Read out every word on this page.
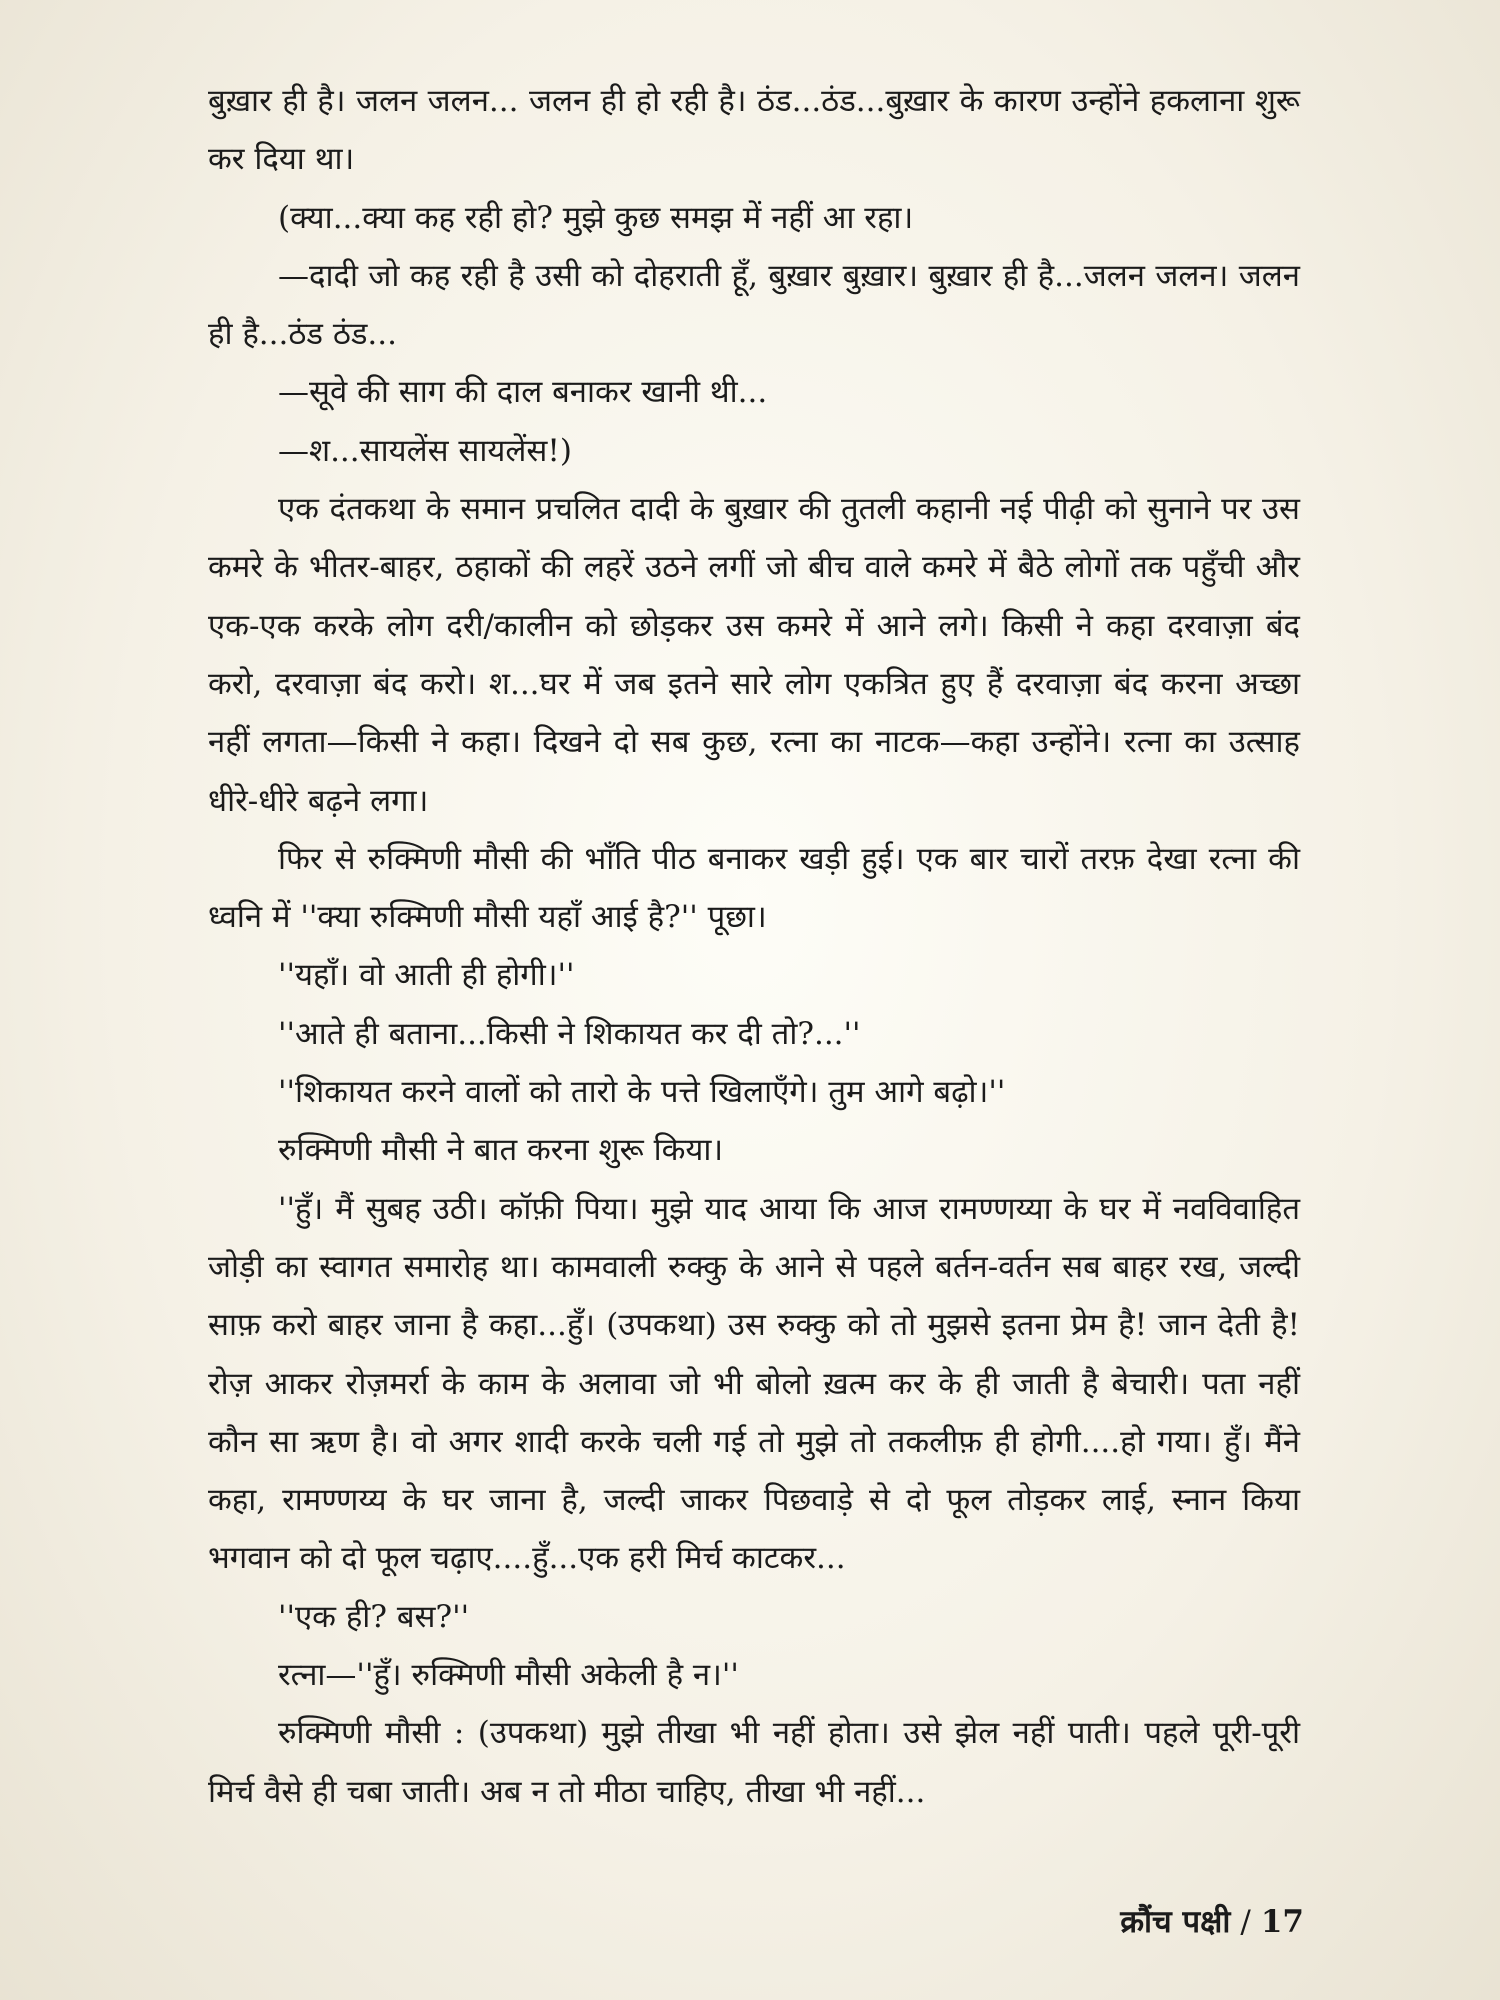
बुख़ार ही है। जलन जलन... जलन ही हो रही है। ठंड...ठंड...बुख़ार के कारण उन्होंने हकलाना शुरू कर दिया था।

(क्या...क्या कह रही हो? मुझे कुछ समझ में नहीं आ रहा।

—दादी जो कह रही है उसी को दोहराती हूँ, बुख़ार बुख़ार। बुख़ार ही है...जलन जलन। जलन ही है...ठंड ठंड...

—सूवे की साग की दाल बनाकर खानी थी...

—श...सायलेंस सायलेंस!)

एक दंतकथा के समान प्रचलित दादी के बुख़ार की तुतली कहानी नई पीढ़ी को सुनाने पर उस कमरे के भीतर-बाहर, ठहाकों की लहरें उठने लगीं जो बीच वाले कमरे में बैठे लोगों तक पहुँची और एक-एक करके लोग दरी/कालीन को छोड़कर उस कमरे में आने लगे। किसी ने कहा दरवाज़ा बंद करो, दरवाज़ा बंद करो। श...घर में जब इतने सारे लोग एकत्रित हुए हैं दरवाज़ा बंद करना अच्छा नहीं लगता—किसी ने कहा। दिखने दो सब कुछ, रत्ना का नाटक—कहा उन्होंने। रत्ना का उत्साह धीरे-धीरे बढ़ने लगा।

फिर से रुक्मिणी मौसी की भाँति पीठ बनाकर खड़ी हुई। एक बार चारों तरफ़ देखा रत्ना की ध्वनि में ''क्या रुक्मिणी मौसी यहाँ आई है?'' पूछा।

''यहाँ। वो आती ही होगी।''

''आते ही बताना...किसी ने शिकायत कर दी तो?...''

''शिकायत करने वालों को तारो के पत्ते खिलाएँगे। तुम आगे बढ़ो।''

रुक्मिणी मौसी ने बात करना शुरू किया।

''हुँ। मैं सुबह उठी। कॉफ़ी पिया। मुझे याद आया कि आज रामण्णय्या के घर में नवविवाहित जोड़ी का स्वागत समारोह था। कामवाली रुक्कु के आने से पहले बर्तन-वर्तन सब बाहर रख, जल्दी साफ़ करो बाहर जाना है कहा...हुँ। (उपकथा) उस रुक्कु को तो मुझसे इतना प्रेम है! जान देती है! रोज़ आकर रोज़मर्रा के काम के अलावा जो भी बोलो ख़त्म कर के ही जाती है बेचारी। पता नहीं कौन सा ऋण है। वो अगर शादी करके चली गई तो मुझे तो तकलीफ़ ही होगी....हो गया। हुँ। मैंने कहा, रामण्णय्य के घर जाना है, जल्दी जाकर पिछवाड़े से दो फूल तोड़कर लाई, स्नान किया भगवान को दो फूल चढ़ाए....हुँ...एक हरी मिर्च काटकर...

''एक ही? बस?''

रत्ना—''हुँ। रुक्मिणी मौसी अकेली है न।''

रुक्मिणी मौसी : (उपकथा) मुझे तीखा भी नहीं होता। उसे झेल नहीं पाती। पहले पूरी-पूरी मिर्च वैसे ही चबा जाती। अब न तो मीठा चाहिए, तीखा भी नहीं...

क्रौंच पक्षी / 17
